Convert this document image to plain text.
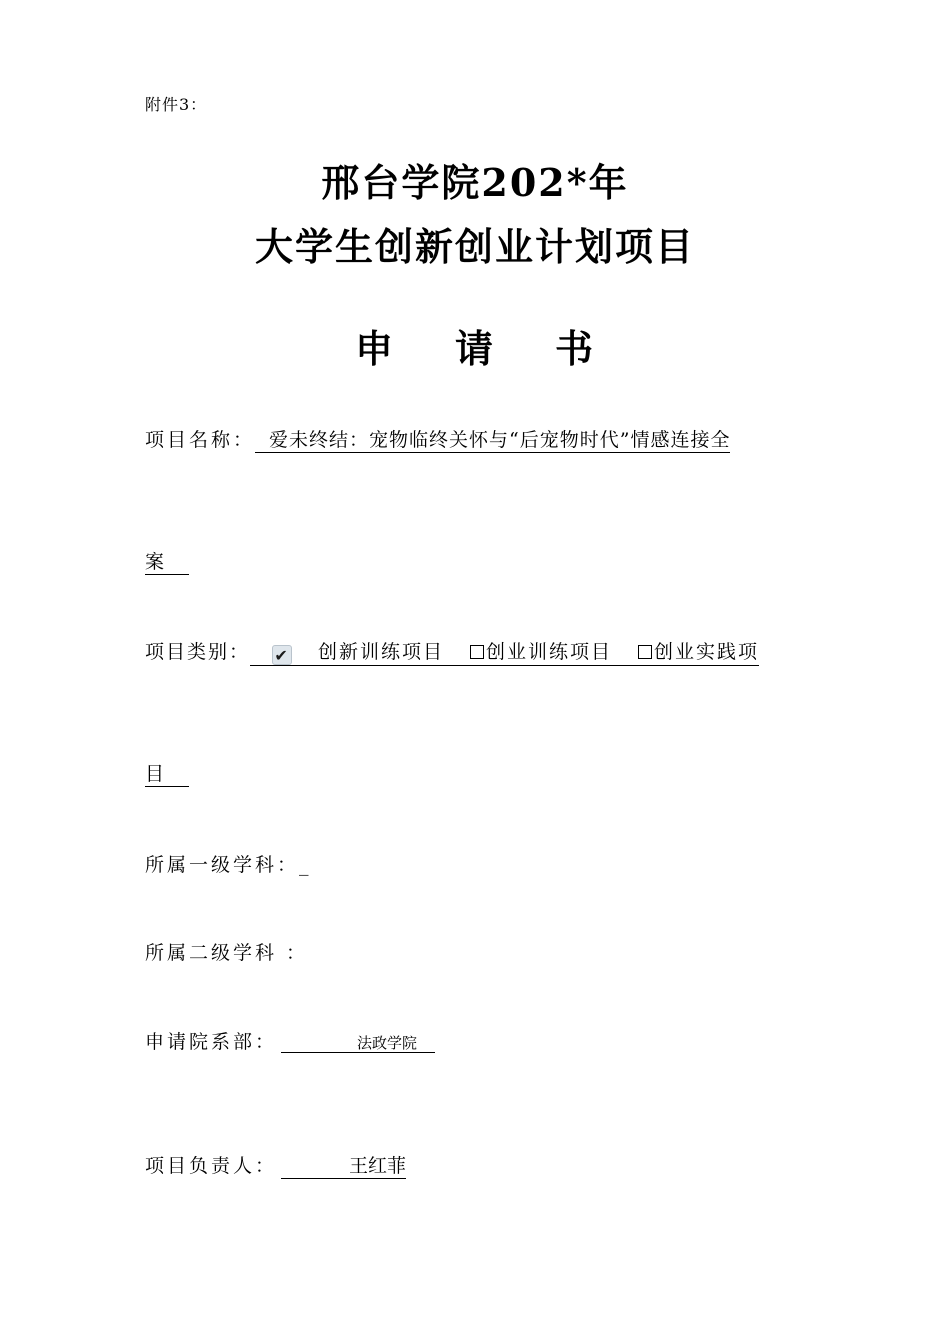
附件3：
邢台学院202*年
大学生创新创业计划项目
申 请 书
项目名称： 爱未终结：宠物临终关怀与“后宠物时代”情感连接全
案
项目类别： ✔ 创新训练项目 创业训练项目 创业实践项
目
所属一级学科：_
所属二级学科 ：
申请院系部：	法政学院
项目负责人：	王红菲
